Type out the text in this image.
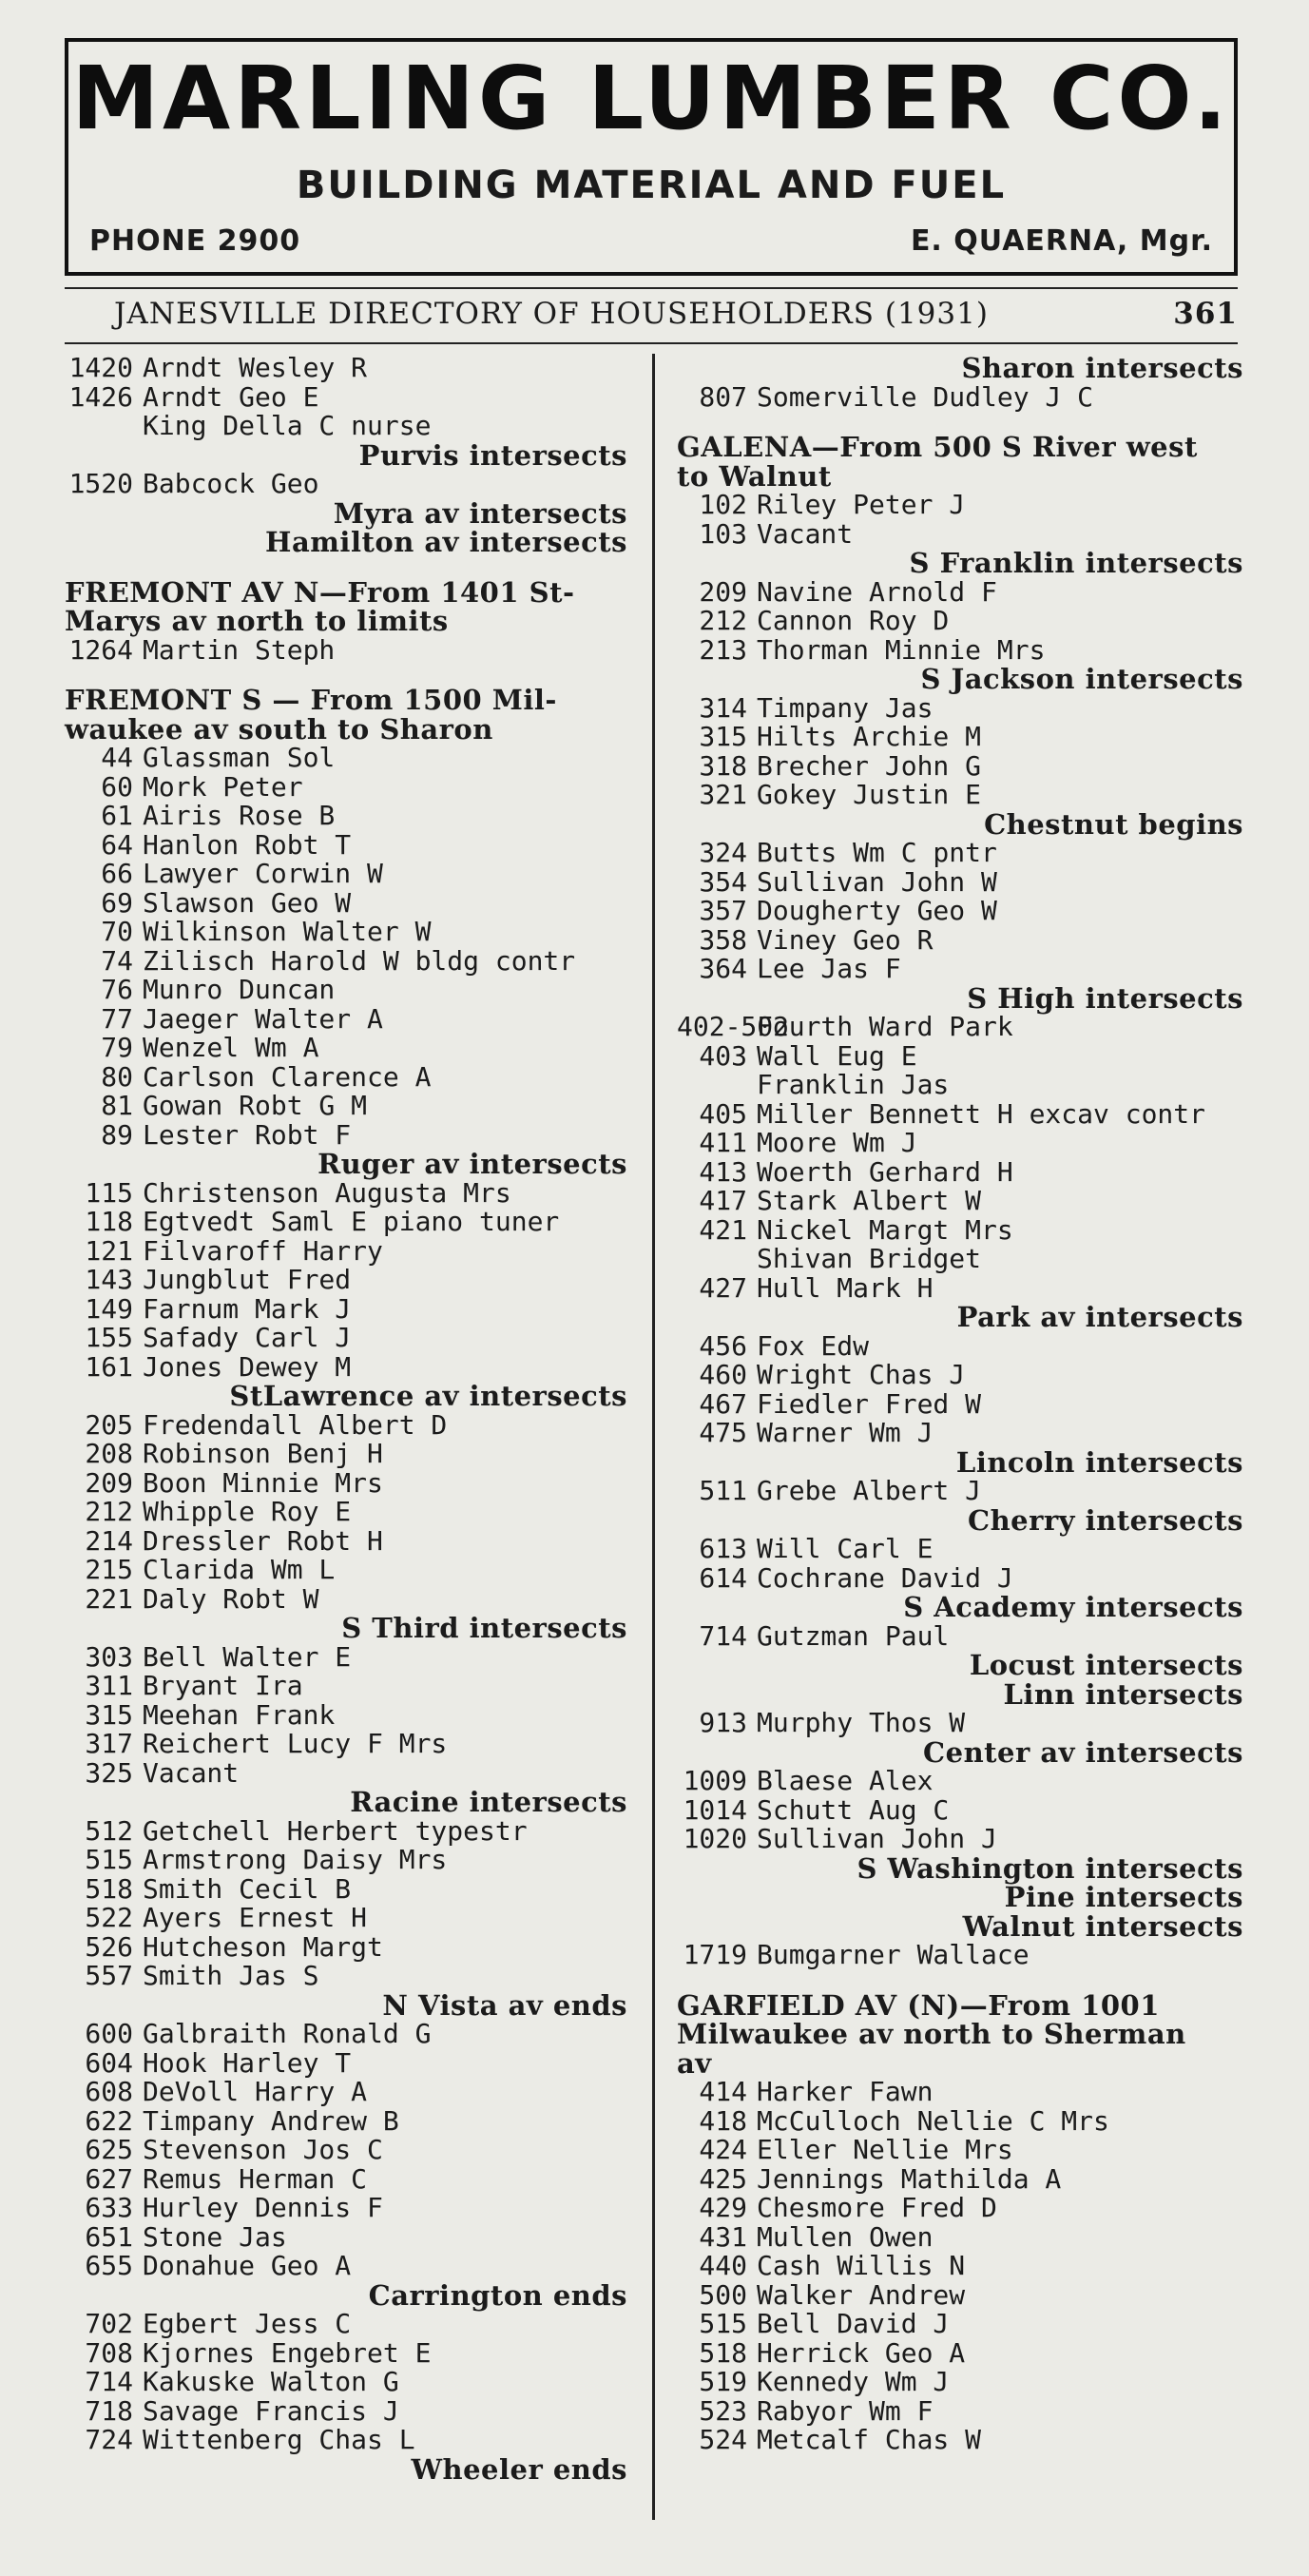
MARLING LUMBER CO.
BUILDING MATERIAL AND FUEL
PHONE 2900	E. QUAERNA, Mgr.
JANESVILLE DIRECTORY OF HOUSEHOLDERS (1931)	361
1420 Arndt Wesley R
1426 Arndt Geo E
King Della C nurse
Purvis intersects
1520 Babcock Geo
Myra av intersects
Hamilton av intersects
FREMONT AV N—From 1401 St-
Marys av north to limits
1264 Martin Steph
FREMONT S — From 1500 Mil-
waukee av south to Sharon
44 Glassman Sol
60 Mork Peter
61 Airis Rose B
64 Hanlon Robt T
66 Lawyer Corwin W
69 Slawson Geo W
70 Wilkinson Walter W
74 Zilisch Harold W bldg contr
76 Munro Duncan
77 Jaeger Walter A
79 Wenzel Wm A
80 Carlson Clarence A
81 Gowan Robt G M
89 Lester Robt F
Ruger av intersects
115 Christenson Augusta Mrs
118 Egtvedt Saml E piano tuner
121 Filvaroff Harry
143 Jungblut Fred
149 Farnum Mark J
155 Safady Carl J
161 Jones Dewey M
StLawrence av intersects
205 Fredendall Albert D
208 Robinson Benj H
209 Boon Minnie Mrs
212 Whipple Roy E
214 Dressler Robt H
215 Clarida Wm L
221 Daly Robt W
S Third intersects
303 Bell Walter E
311 Bryant Ira
315 Meehan Frank
317 Reichert Lucy F Mrs
325 Vacant
Racine intersects
512 Getchell Herbert typestr
515 Armstrong Daisy Mrs
518 Smith Cecil B
522 Ayers Ernest H
526 Hutcheson Margt
557 Smith Jas S
N Vista av ends
600 Galbraith Ronald G
604 Hook Harley T
608 DeVoll Harry A
622 Timpany Andrew B
625 Stevenson Jos C
627 Remus Herman C
633 Hurley Dennis F
651 Stone Jas
655 Donahue Geo A
Carrington ends
702 Egbert Jess C
708 Kjornes Engebret E
714 Kakuske Walton G
718 Savage Francis J
724 Wittenberg Chas L
Wheeler ends
Sharon intersects
807 Somerville Dudley J C
GALENA—From 500 S River west
to Walnut
102 Riley Peter J
103 Vacant
S Franklin intersects
209 Navine Arnold F
212 Cannon Roy D
213 Thorman Minnie Mrs
S Jackson intersects
314 Timpany Jas
315 Hilts Archie M
318 Brecher John G
321 Gokey Justin E
Chestnut begins
324 Butts Wm C pntr
354 Sullivan John W
357 Dougherty Geo W
358 Viney Geo R
364 Lee Jas F
S High intersects
402-502Fourth Ward Park
403 Wall Eug E
Franklin Jas
405 Miller Bennett H excav contr
411 Moore Wm J
413 Woerth Gerhard H
417 Stark Albert W
421 Nickel Margt Mrs
Shivan Bridget
427 Hull Mark H
Park av intersects
456 Fox Edw
460 Wright Chas J
467 Fiedler Fred W
475 Warner Wm J
Lincoln intersects
511 Grebe Albert J
Cherry intersects
613 Will Carl E
614 Cochrane David J
S Academy intersects
714 Gutzman Paul
Locust intersects
Linn intersects
913 Murphy Thos W
Center av intersects
1009 Blaese Alex
1014 Schutt Aug C
1020 Sullivan John J
S Washington intersects
Pine intersects
Walnut intersects
1719 Bumgarner Wallace
GARFIELD AV (N)—From 1001
Milwaukee av north to Sherman
av
414 Harker Fawn
418 McCulloch Nellie C Mrs
424 Eller Nellie Mrs
425 Jennings Mathilda A
429 Chesmore Fred D
431 Mullen Owen
440 Cash Willis N
500 Walker Andrew
515 Bell David J
518 Herrick Geo A
519 Kennedy Wm J
523 Rabyor Wm F
524 Metcalf Chas W
